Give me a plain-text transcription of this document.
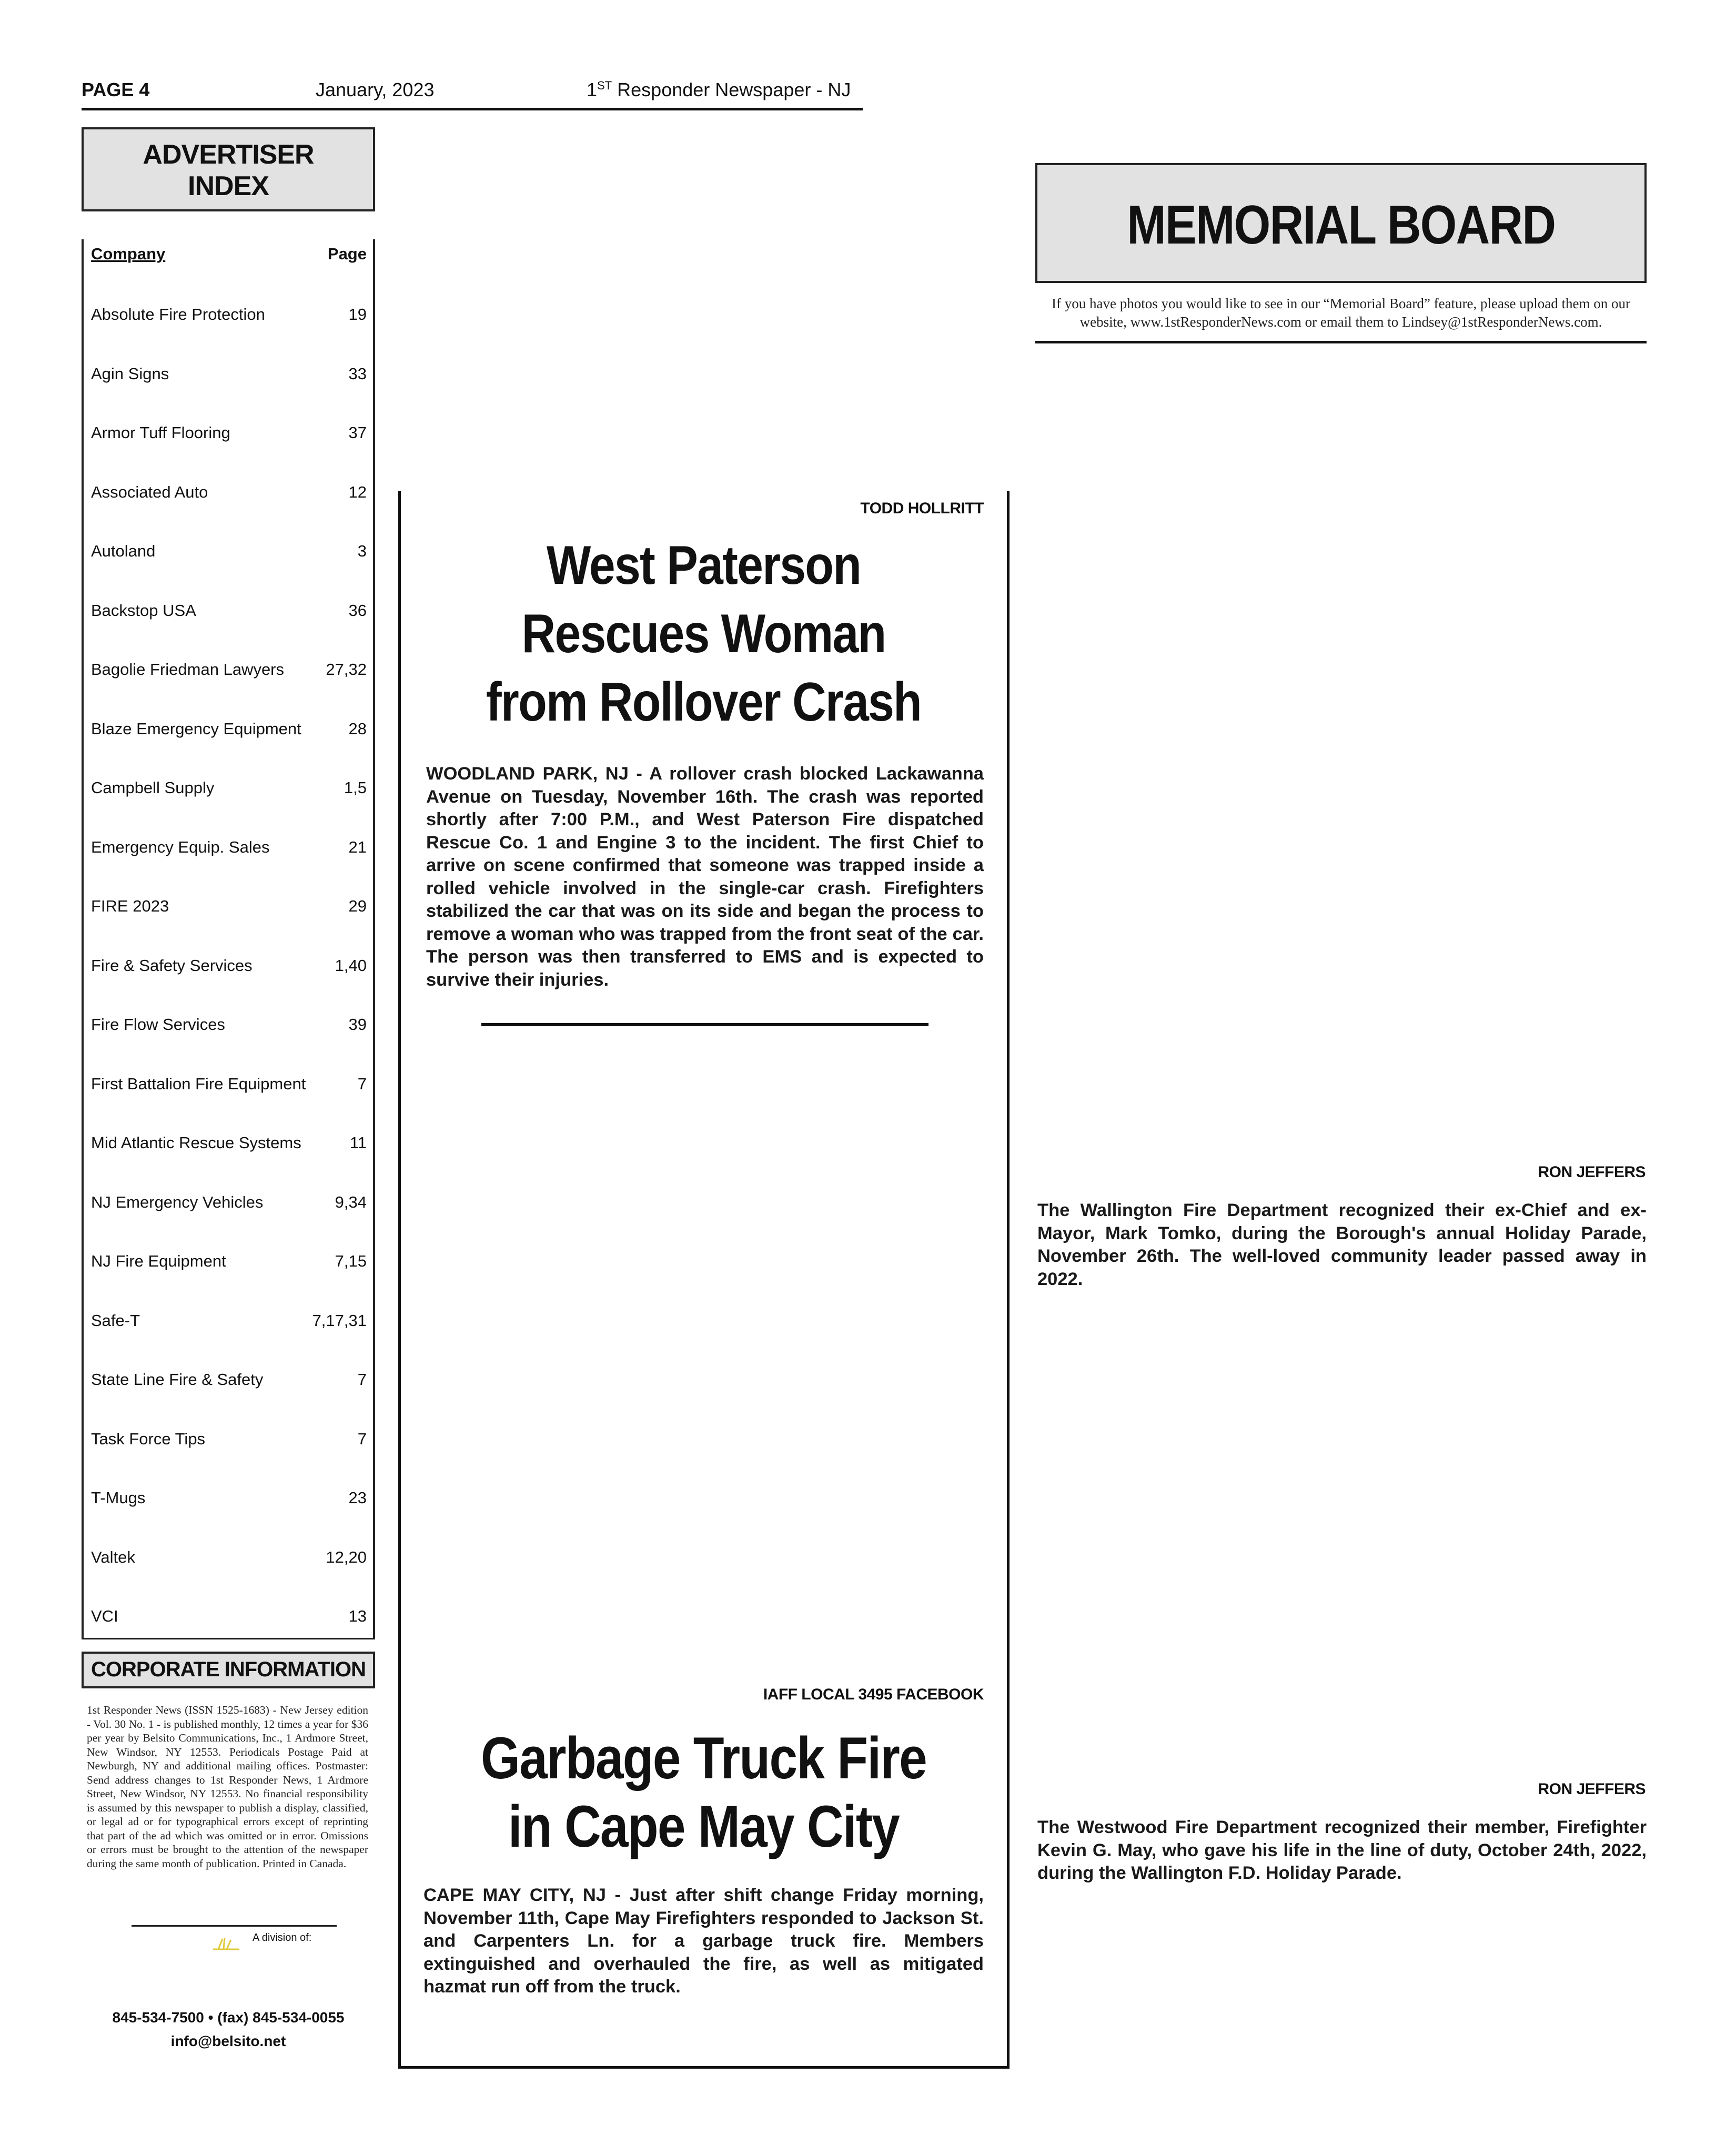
PAGE 4	January, 2023	1ST Responder Newspaper - NJ
ADVERTISER
INDEX
Company	Page
Absolute Fire Protection	19
Agin Signs	33
Armor Tuff Flooring	37
Associated Auto	12
Autoland	3
Backstop USA	36
Bagolie Friedman Lawyers	27,32
Blaze Emergency Equipment	28
Campbell Supply	1,5
Emergency Equip. Sales	21
FIRE 2023	29
Fire & Safety Services	1,40
Fire Flow Services	39
First Battalion Fire Equipment	7
Mid Atlantic Rescue Systems	11
NJ Emergency Vehicles	9,34
NJ Fire Equipment	7,15
Safe-T	7,17,31
State Line Fire & Safety	7
Task Force Tips	7
T-Mugs	23
Valtek	12,20
VCI	13
CORPORATE INFORMATION
1st Responder News (ISSN 1525-1683) - New Jersey edition - Vol. 30 No. 1 - is published monthly, 12 times a year for $36 per year by Belsito Communications, Inc., 1 Ardmore Street, New Windsor, NY 12553. Periodicals Postage Paid at Newburgh, NY and additional mailing offices. Postmaster: Send address changes to 1st Responder News, 1 Ardmore Street, New Windsor, NY 12553. No financial responsibility is assumed by this newspaper to publish a display, classified, or legal ad or for typographical errors except of reprinting that part of the ad which was omitted or in error. Omissions or errors must be brought to the attention of the newspaper during the same month of publication. Printed in Canada.
A division of:
845-534-7500 • (fax) 845-534-0055
info@belsito.net
TODD HOLLRITT
West Paterson
Rescues Woman
from Rollover Crash
WOODLAND PARK, NJ - A rollover crash blocked Lackawanna Avenue on Tuesday, November 16th. The crash was reported shortly after 7:00 P.M., and West Paterson Fire dispatched Rescue Co. 1 and Engine 3 to the incident. The first Chief to arrive on scene confirmed that someone was trapped inside a rolled vehicle involved in the single-car crash. Firefighters stabilized the car that was on its side and began the process to remove a woman who was trapped from the front seat of the car. The person was then transferred to EMS and is expected to survive their injuries.
IAFF LOCAL 3495 FACEBOOK
Garbage Truck Fire
in Cape May City
CAPE MAY CITY, NJ - Just after shift change Friday morning, November 11th, Cape May Firefighters responded to Jackson St. and Carpenters Ln. for a garbage truck fire. Members extinguished and overhauled the fire, as well as mitigated hazmat run off from the truck.
MEMORIAL BOARD
If you have photos you would like to see in our “Memorial Board” feature, please upload them on our website, www.1stResponderNews.com or email them to Lindsey@1stResponderNews.com.
RON JEFFERS
The Wallington Fire Department recognized their ex-Chief and ex-Mayor, Mark Tomko, during the Borough's annual Holiday Parade, November 26th. The well-loved community leader passed away in 2022.
RON JEFFERS
The Westwood Fire Department recognized their member, Firefighter Kevin G. May, who gave his life in the line of duty, October 24th, 2022, during the Wallington F.D. Holiday Parade.
